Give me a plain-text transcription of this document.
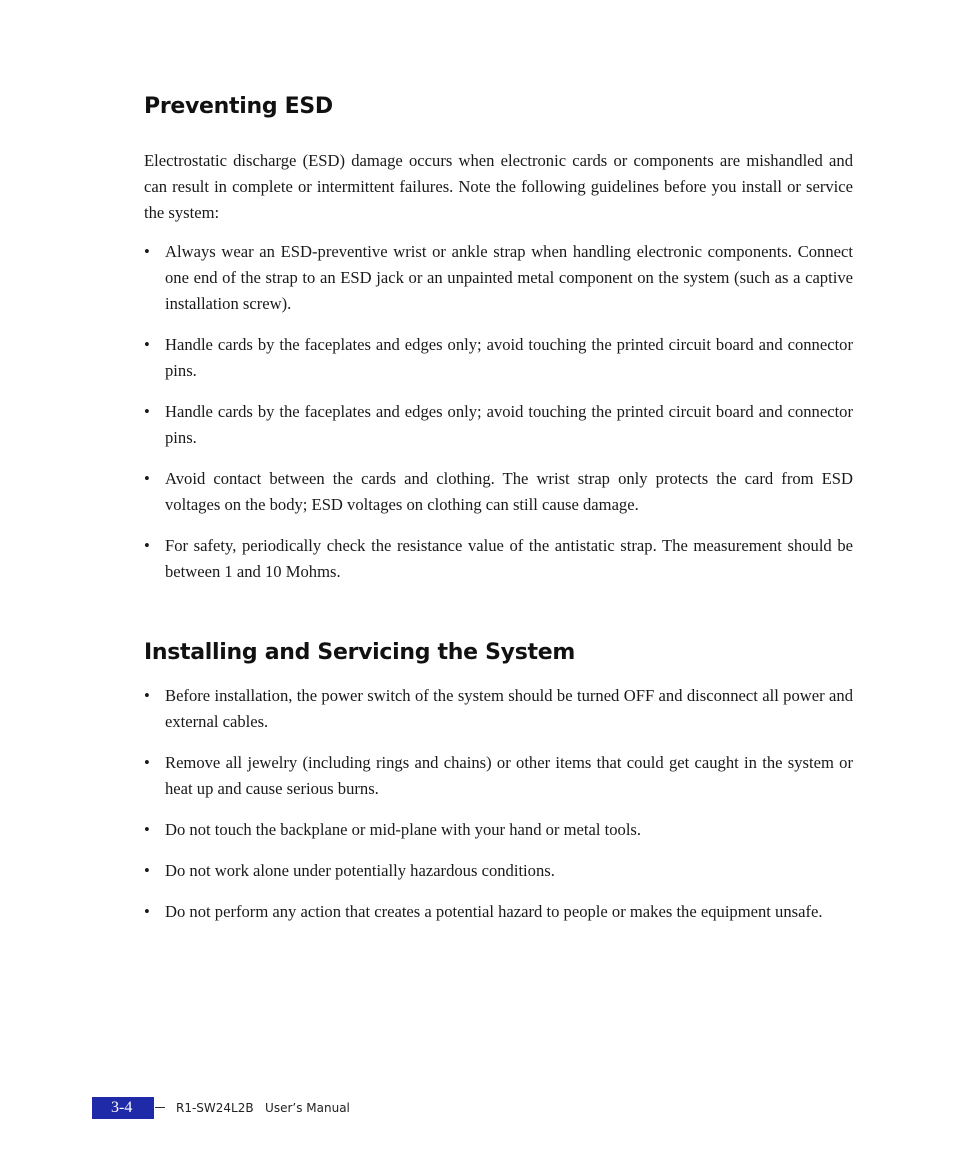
Preventing ESD

Electrostatic discharge (ESD) damage occurs when electronic cards or components are mishandled and can result in complete or intermittent failures. Note the following guidelines before you install or service the system:

• Always wear an ESD-preventive wrist or ankle strap when handling electronic components. Connect one end of the strap to an ESD jack or an unpainted metal component on the system (such as a captive installation screw).
• Handle cards by the faceplates and edges only; avoid touching the printed circuit board and connector pins.
• Handle cards by the faceplates and edges only; avoid touching the printed circuit board and connector pins.
• Avoid contact between the cards and clothing. The wrist strap only protects the card from ESD voltages on the body; ESD voltages on clothing can still cause damage.
• For safety, periodically check the resistance value of the antistatic strap. The measurement should be between 1 and 10 Mohms.
Installing and Servicing the System
• Before installation, the power switch of the system should be turned OFF and disconnect all power and external cables.
• Remove all jewelry (including rings and chains) or other items that could get caught in the system or heat up and cause serious burns.
• Do not touch the backplane or mid-plane with your hand or metal tools.
• Do not work alone under potentially hazardous conditions.
• Do not perform any action that creates a potential hazard to people or makes the equipment unsafe.
3-4	R1-SW24L2B   User’s Manual
